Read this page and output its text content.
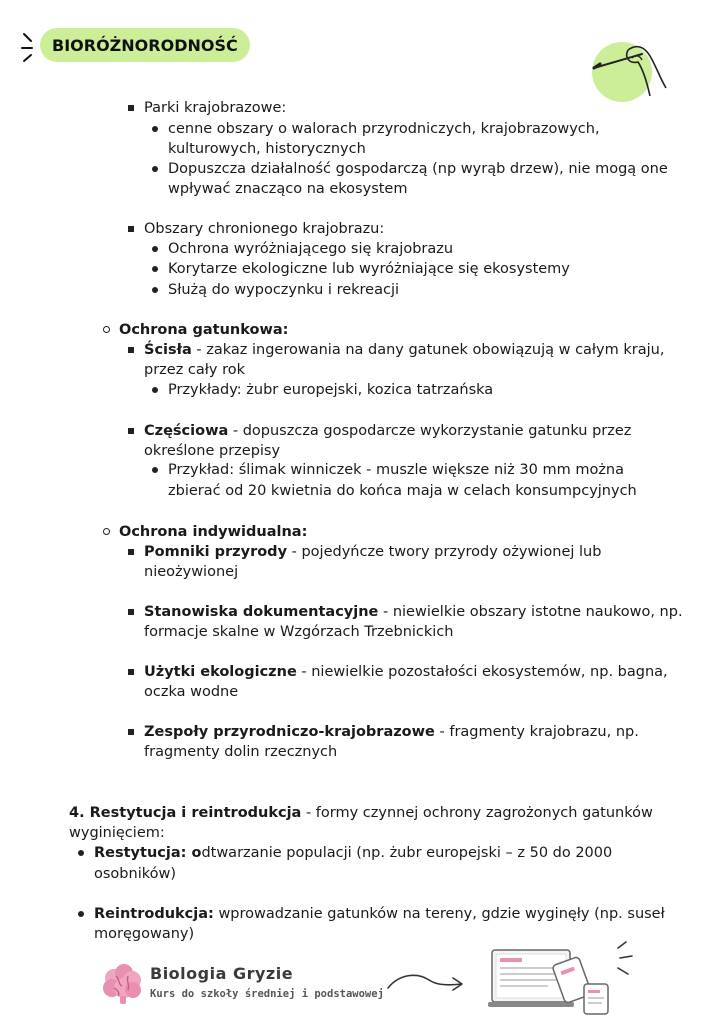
BIORÓŻNORODNOŚĆ
Parki krajobrazowe:
cenne obszary o walorach przyrodniczych, krajobrazowych,
kulturowych, historycznych
Dopuszcza działalność gospodarczą (np wyrąb drzew), nie mogą one
wpływać znacząco na ekosystem
Obszary chronionego krajobrazu:
Ochrona wyróżniającego się krajobrazu
Korytarze ekologiczne lub wyróżniające się ekosystemy
Służą do wypoczynku i rekreacji
Ochrona gatunkowa:
Ścisła - zakaz ingerowania na dany gatunek obowiązują w całym kraju,
przez cały rok
Przykłady: żubr europejski, kozica tatrzańska
Częściowa - dopuszcza gospodarcze wykorzystanie gatunku przez
określone przepisy
Przykład: ślimak winniczek - muszle większe niż 30 mm można
zbierać od 20 kwietnia do końca maja w celach konsumpcyjnych
Ochrona indywidualna:
Pomniki przyrody - pojedyńcze twory przyrody ożywionej lub
nieożywionej
Stanowiska dokumentacyjne - niewielkie obszary istotne naukowo, np.
formacje skalne w Wzgórzach Trzebnickich
Użytki ekologiczne - niewielkie pozostałości ekosystemów, np. bagna,
oczka wodne
Zespoły przyrodniczo-krajobrazowe - fragmenty krajobrazu, np.
fragmenty dolin rzecznych
4. Restytucja i reintrodukcja - formy czynnej ochrony zagrożonych gatunków
wyginięciem:
Restytucja: odtwarzanie populacji (np. żubr europejski – z 50 do 2000
osobników)
Reintrodukcja: wprowadzanie gatunków na tereny, gdzie wyginęły (np. suseł
moręgowany)
Biologia Gryzie
Kurs do szkoły średniej i podstawowej
